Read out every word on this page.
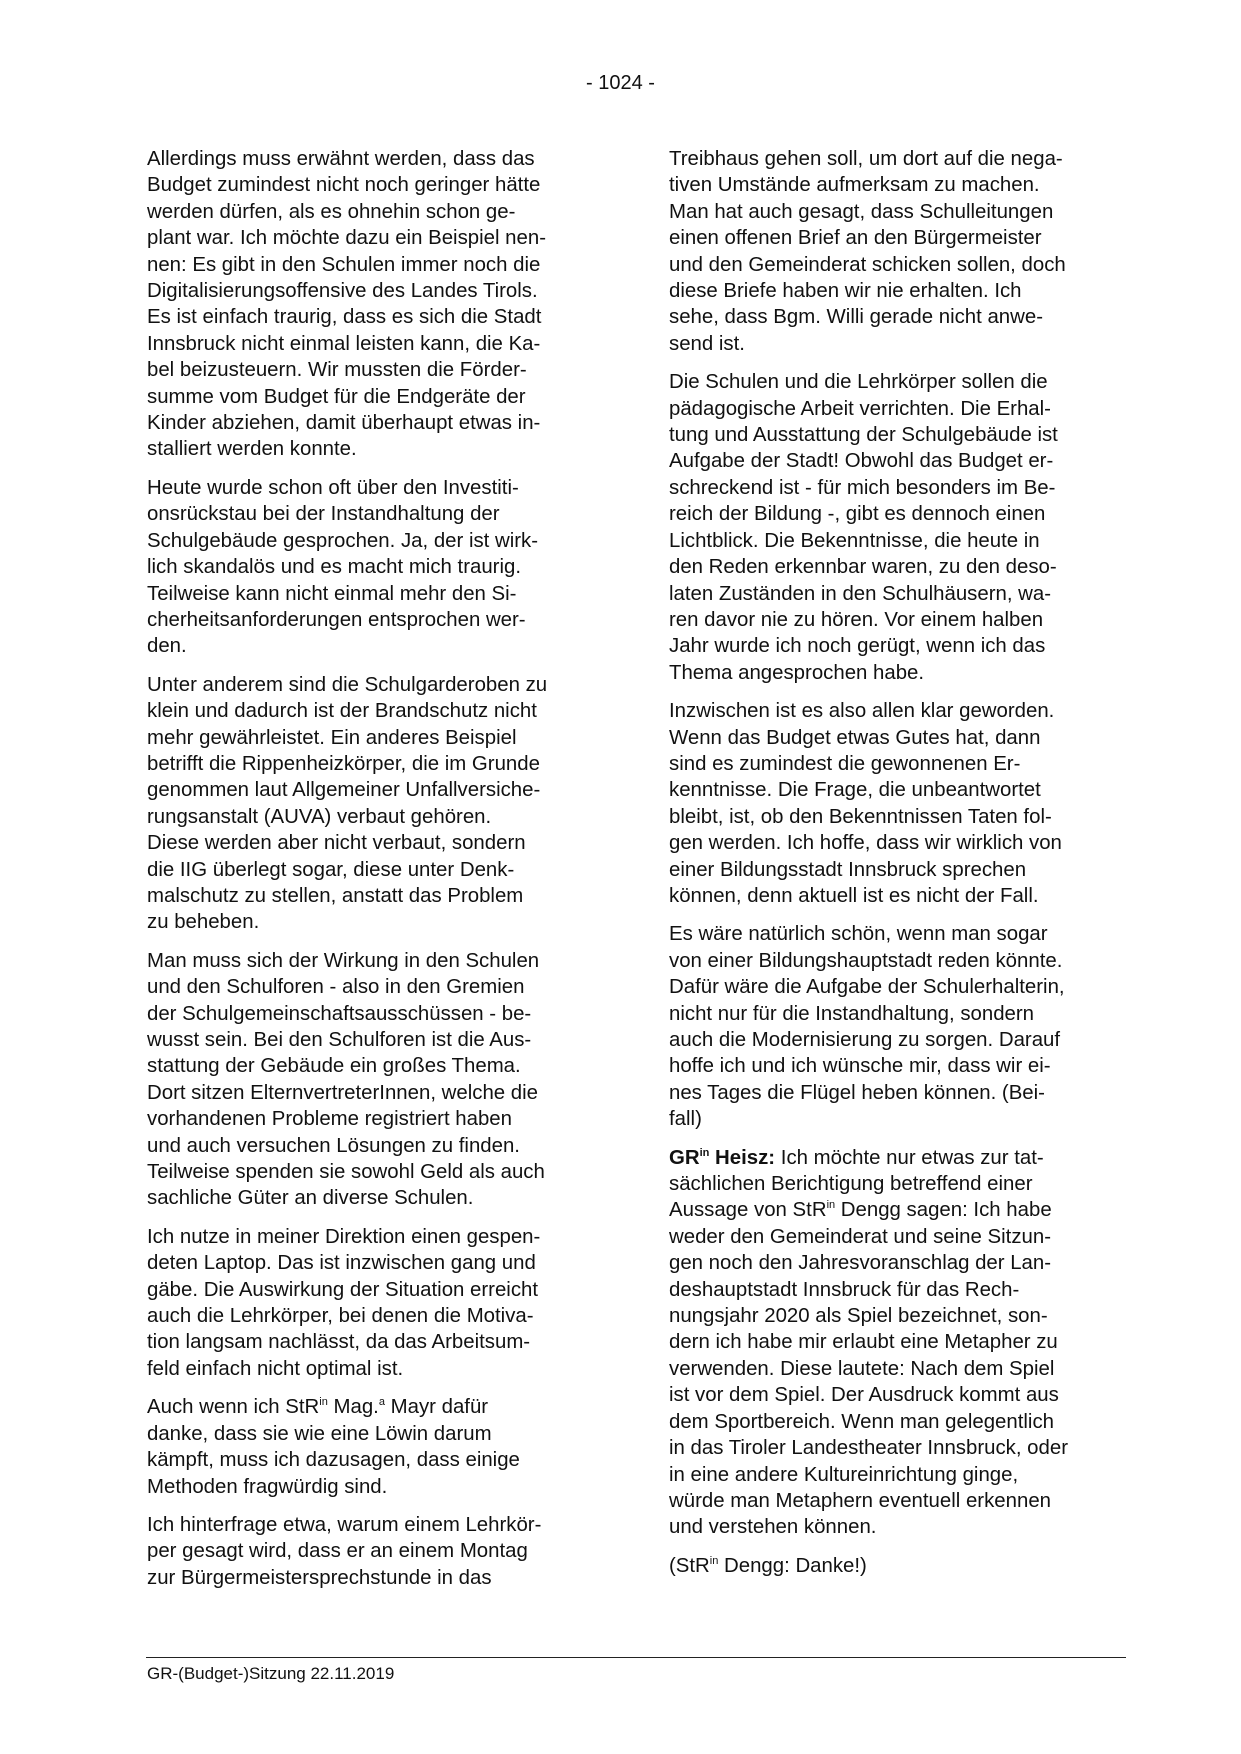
- 1024 -

Allerdings muss erwähnt werden, dass das
Budget zumindest nicht noch geringer hätte
werden dürfen, als es ohnehin schon ge-
plant war. Ich möchte dazu ein Beispiel nen-
nen: Es gibt in den Schulen immer noch die
Digitalisierungsoffensive des Landes Tirols.
Es ist einfach traurig, dass es sich die Stadt
Innsbruck nicht einmal leisten kann, die Ka-
bel beizusteuern. Wir mussten die Förder-
summe vom Budget für die Endgeräte der
Kinder abziehen, damit überhaupt etwas in-
stalliert werden konnte.

Heute wurde schon oft über den Investiti-
onsrückstau bei der Instandhaltung der
Schulgebäude gesprochen. Ja, der ist wirk-
lich skandalös und es macht mich traurig.
Teilweise kann nicht einmal mehr den Si-
cherheitsanforderungen entsprochen wer-
den.

Unter anderem sind die Schulgarderoben zu
klein und dadurch ist der Brandschutz nicht
mehr gewährleistet. Ein anderes Beispiel
betrifft die Rippenheizkörper, die im Grunde
genommen laut Allgemeiner Unfallversiche-
rungsanstalt (AUVA) verbaut gehören.
Diese werden aber nicht verbaut, sondern
die IIG überlegt sogar, diese unter Denk-
malschutz zu stellen, anstatt das Problem
zu beheben.

Man muss sich der Wirkung in den Schulen
und den Schulforen - also in den Gremien
der Schulgemeinschaftsausschüssen - be-
wusst sein. Bei den Schulforen ist die Aus-
stattung der Gebäude ein großes Thema.
Dort sitzen ElternvertreterInnen, welche die
vorhandenen Probleme registriert haben
und auch versuchen Lösungen zu finden.
Teilweise spenden sie sowohl Geld als auch
sachliche Güter an diverse Schulen.

Ich nutze in meiner Direktion einen gespen-
deten Laptop. Das ist inzwischen gang und
gäbe. Die Auswirkung der Situation erreicht
auch die Lehrkörper, bei denen die Motiva-
tion langsam nachlässt, da das Arbeitsum-
feld einfach nicht optimal ist.

Auch wenn ich StR$^{in}$ Mag.$^a$ Mayr dafür
danke, dass sie wie eine Löwin darum
kämpft, muss ich dazusagen, dass einige
Methoden fragwürdig sind.

Ich hinterfrage etwa, warum einem Lehrkör-
per gesagt wird, dass er an einem Montag
zur Bürgermeistersprechstunde in das

Treibhaus gehen soll, um dort auf die nega-
tiven Umstände aufmerksam zu machen.
Man hat auch gesagt, dass Schulleitungen
einen offenen Brief an den Bürgermeister
und den Gemeinderat schicken sollen, doch
diese Briefe haben wir nie erhalten. Ich
sehe, dass Bgm. Willi gerade nicht anwe-
send ist.

Die Schulen und die Lehrkörper sollen die
pädagogische Arbeit verrichten. Die Erhal-
tung und Ausstattung der Schulgebäude ist
Aufgabe der Stadt! Obwohl das Budget er-
schreckend ist - für mich besonders im Be-
reich der Bildung -, gibt es dennoch einen
Lichtblick. Die Bekenntnisse, die heute in
den Reden erkennbar waren, zu den deso-
laten Zuständen in den Schulhäusern, wa-
ren davor nie zu hören. Vor einem halben
Jahr wurde ich noch gerügt, wenn ich das
Thema angesprochen habe.

Inzwischen ist es also allen klar geworden.
Wenn das Budget etwas Gutes hat, dann
sind es zumindest die gewonnenen Er-
kenntnisse. Die Frage, die unbeantwortet
bleibt, ist, ob den Bekenntnissen Taten fol-
gen werden. Ich hoffe, dass wir wirklich von
einer Bildungsstadt Innsbruck sprechen
können, denn aktuell ist es nicht der Fall.

Es wäre natürlich schön, wenn man sogar
von einer Bildungshauptstadt reden könnte.
Dafür wäre die Aufgabe der Schulerhalterin,
nicht nur für die Instandhaltung, sondern
auch die Modernisierung zu sorgen. Darauf
hoffe ich und ich wünsche mir, dass wir ei-
nes Tages die Flügel heben können. (Bei-
fall)

$GR^{in}$ Heisz: Ich möchte nur etwas zur tat-
sächlichen Berichtigung betreffend einer
Aussage von StR$^{in}$ Dengg sagen: Ich habe
weder den Gemeinderat und seine Sitzun-
gen noch den Jahresvoranschlag der Lan-
deshauptstadt Innsbruck für das Rech-
nungsjahr 2020 als Spiel bezeichnet, son-
dern ich habe mir erlaubt eine Metapher zu
verwenden. Diese lautete: Nach dem Spiel
ist vor dem Spiel. Der Ausdruck kommt aus
dem Sportbereich. Wenn man gelegentlich
in das Tiroler Landestheater Innsbruck, oder
in eine andere Kultureinrichtung ginge,
würde man Metaphern eventuell erkennen
und verstehen können.

(StR$^{in}$ Dengg: Danke!)

GR-(Budget-)Sitzung 22.11.2019
